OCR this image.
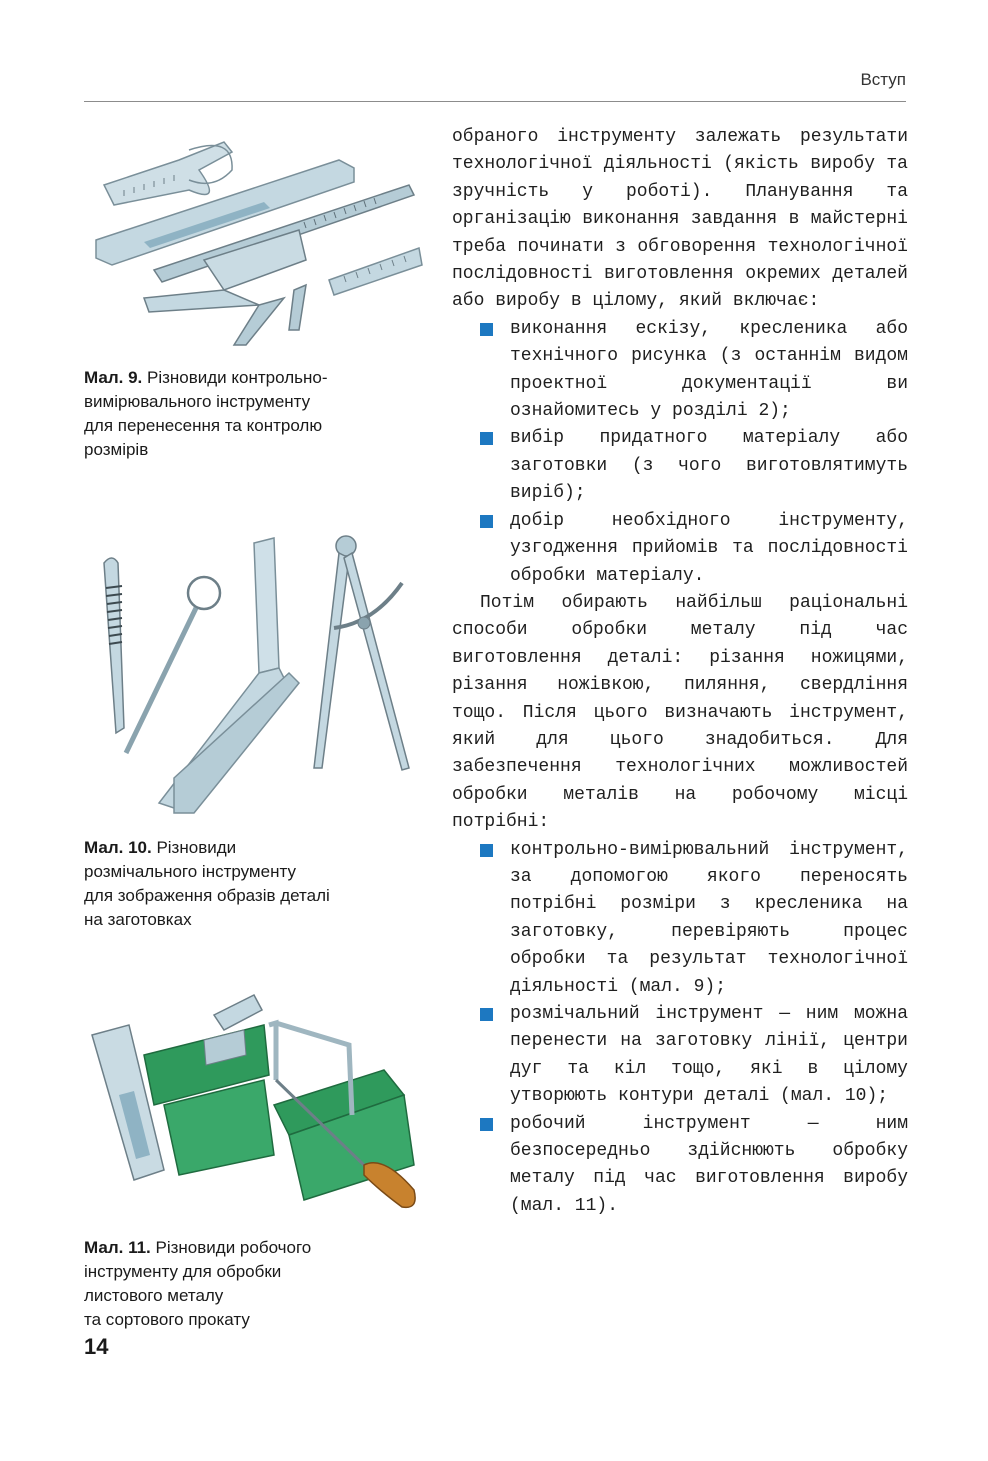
Вступ
Мал. 9. Різновиди контрольно-
вимірювального інструменту
для перенесення та контролю
розмірів
Мал. 10. Різновиди
розмічального інструменту
для зображення образів деталі
на заготовках
Мал. 11. Різновиди робочого
інструменту для обробки
листового металу
та сортового прокату
14

обраного інструменту залежать результати технологічної діяльності (якість виробу та зручність у роботі). Планування та організацію виконання завдання в майстерні треба починати з обговорення технологічної послідовності виготовлення окремих деталей або виробу в цілому, який включає:

виконання ескізу, кресленика або технічного рисунка (з останнім видом проектної документації ви ознайомитесь у розділі 2);
вибір придатного матеріалу або заготовки (з чого виготовлятимуть виріб);
добір необхідного інструменту, узгодження прийомів та послідовності обробки матеріалу.

Потім обирають найбільш раціональні способи обробки металу під час виготовлення деталі: різання ножицями, різання ножівкою, пиляння, свердління тощо. Після цього визначають інструмент, який для цього знадобиться. Для забезпечення технологічних можливостей обробки металів на робочому місці потрібні:

контрольно-вимірювальний інструмент, за допомогою якого переносять потрібні розміри з кресленика на заготовку, перевіряють процес обробки та результат технологічної діяльності (мал. 9);
розмічальний інструмент — ним можна перенести на заготовку лінії, центри дуг та кіл тощо, які в цілому утворюють контури деталі (мал. 10);
робочий інструмент — ним безпосередньо здійснюють обробку металу під час виготовлення виробу (мал. 11).
